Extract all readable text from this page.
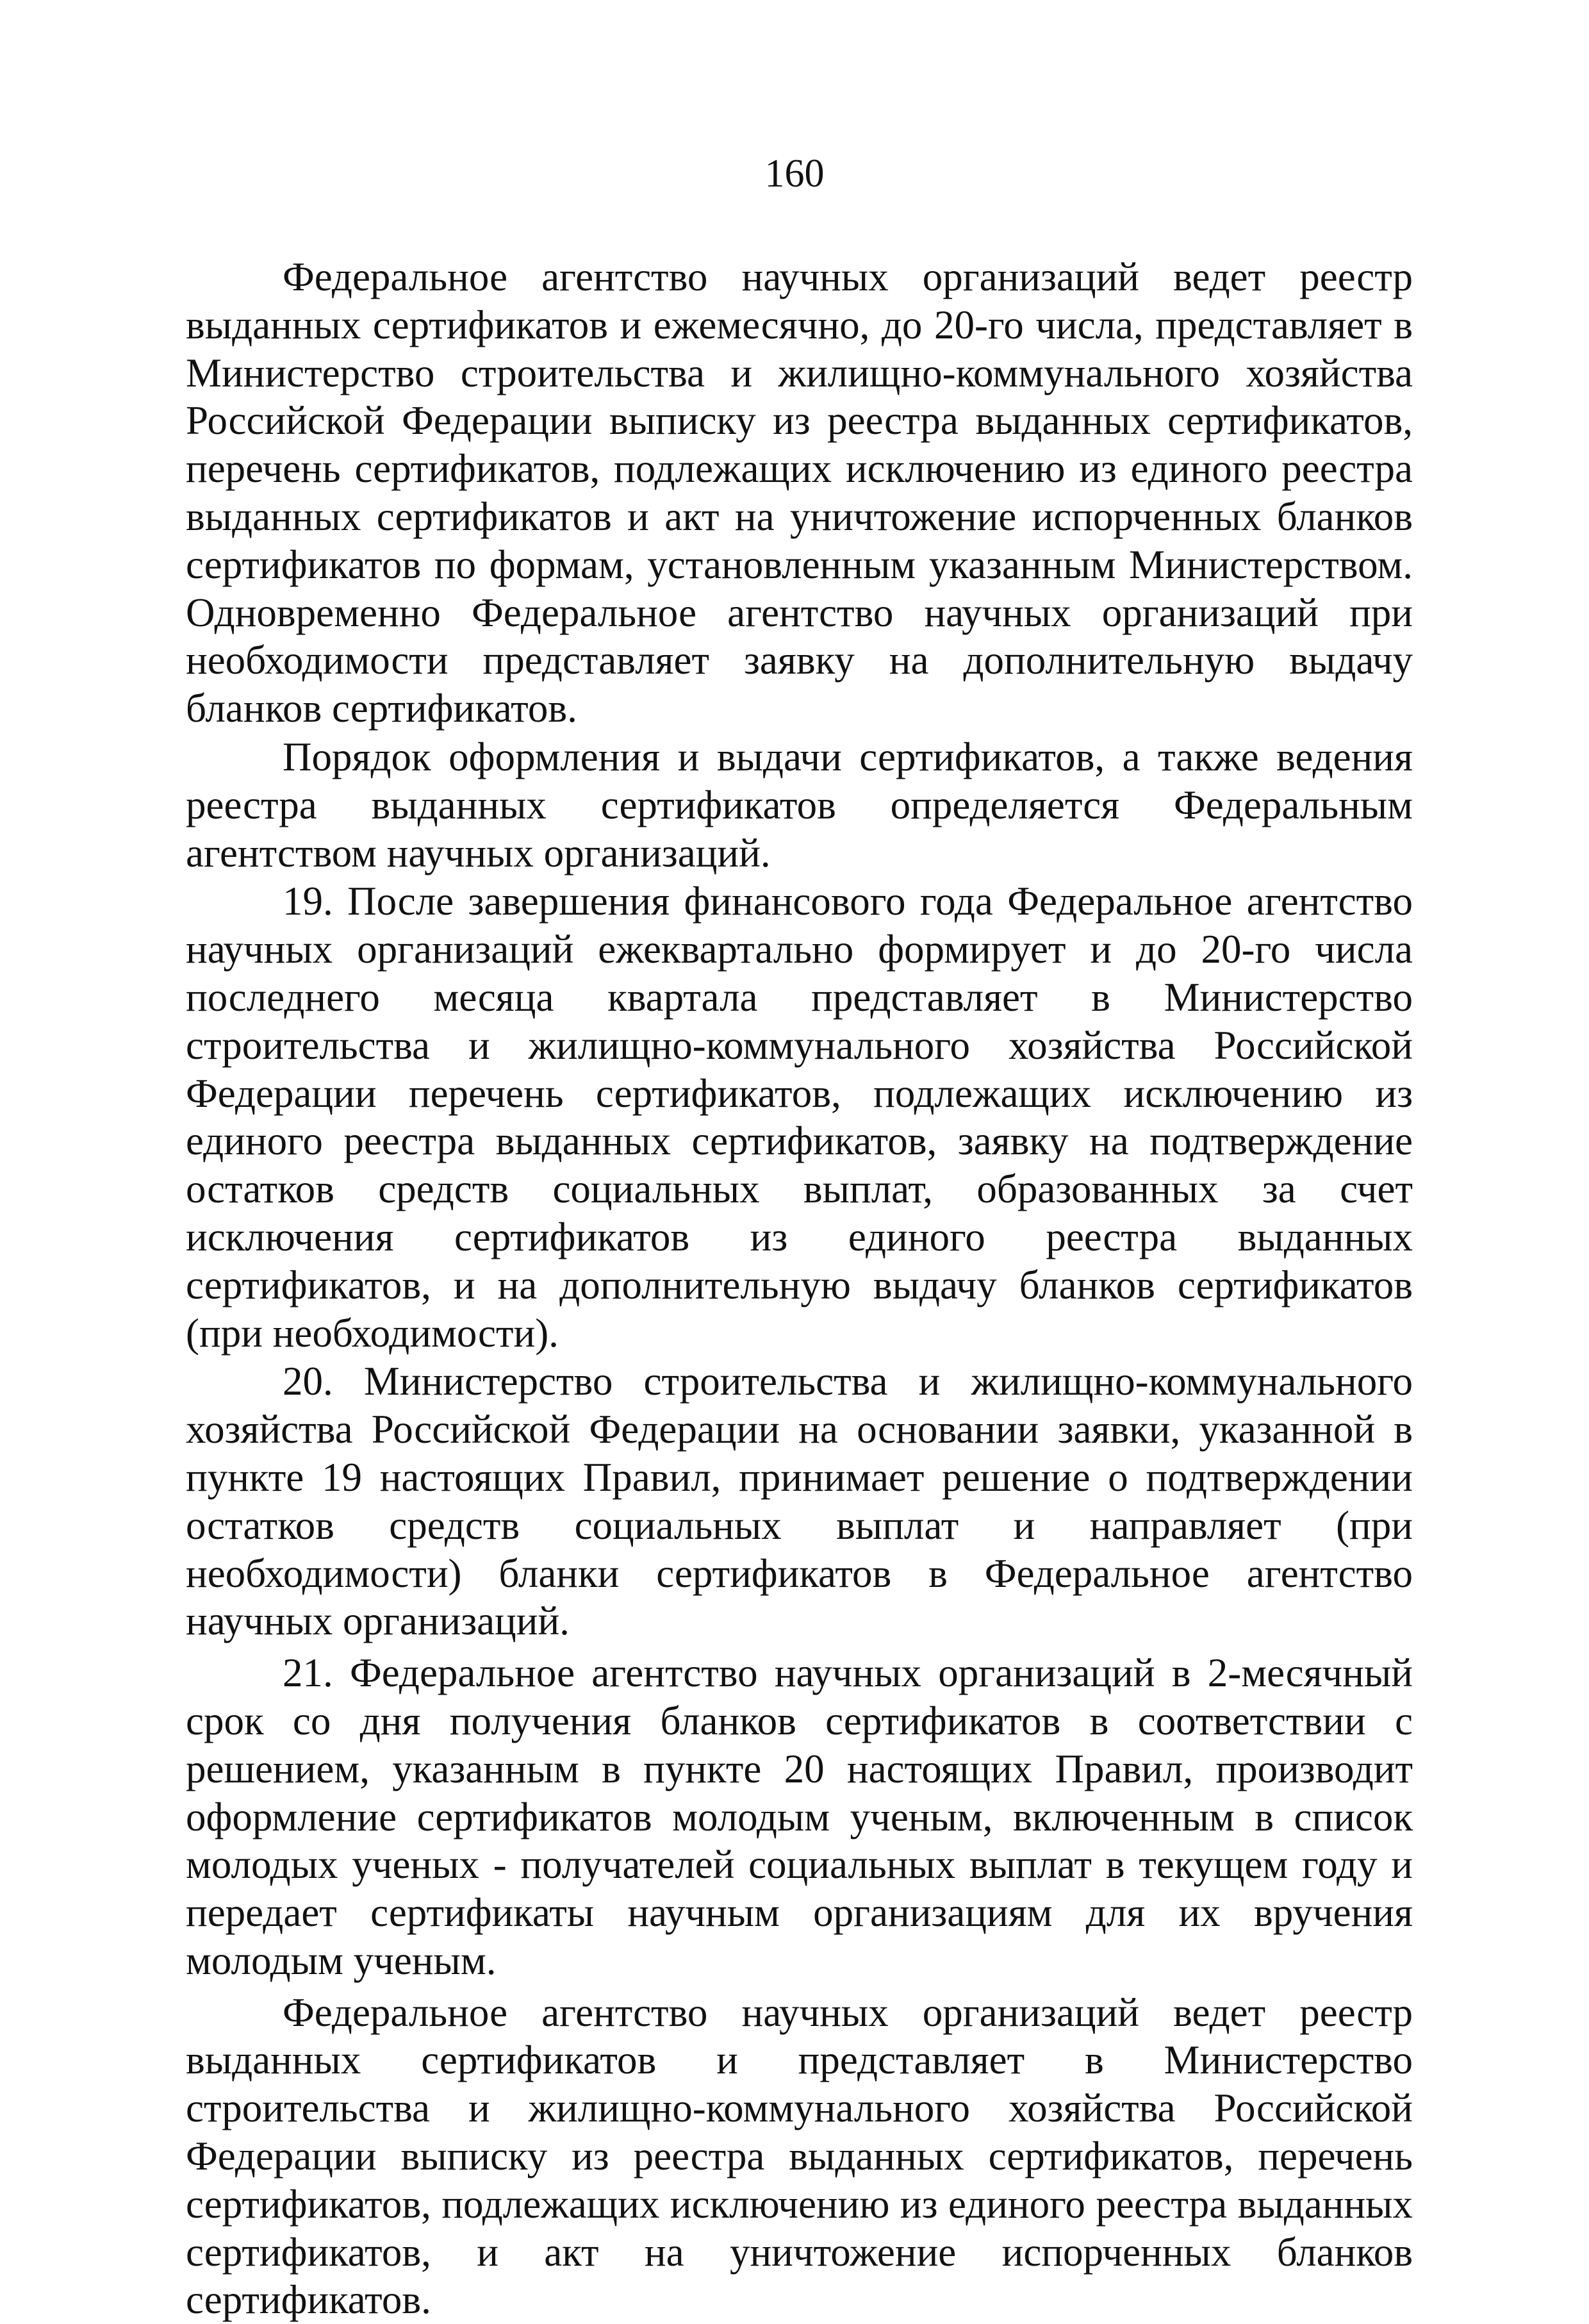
160

Федеральное агентство научных организаций ведет реестр выданных сертификатов и ежемесячно, до 20-го числа, представляет в Министерство строительства и жилищно-коммунального хозяйства Российской Федерации выписку из реестра выданных сертификатов, перечень сертификатов, подлежащих исключению из единого реестра выданных сертификатов и акт на уничтожение испорченных бланков сертификатов по формам, установленным указанным Министерством. Одновременно Федеральное агентство научных организаций при необходимости представляет заявку на дополнительную выдачу бланков сертификатов.

Порядок оформления и выдачи сертификатов, а также ведения реестра выданных сертификатов определяется Федеральным агентством научных организаций.

19. После завершения финансового года Федеральное агентство научных организаций ежеквартально формирует и до 20-го числа последнего месяца квартала представляет в Министерство строительства и жилищно-коммунального хозяйства Российской Федерации перечень сертификатов, подлежащих исключению из единого реестра выданных сертификатов, заявку на подтверждение остатков средств социальных выплат, образованных за счет исключения сертификатов из единого реестра выданных сертификатов, и на дополнительную выдачу бланков сертификатов (при необходимости).

20. Министерство строительства и жилищно-коммунального хозяйства Российской Федерации на основании заявки, указанной в пункте 19 настоящих Правил, принимает решение о подтверждении остатков средств социальных выплат и направляет (при необходимости) бланки сертификатов в Федеральное агентство научных организаций.

21. Федеральное агентство научных организаций в 2-месячный срок со дня получения бланков сертификатов в соответствии с решением, указанным в пункте 20 настоящих Правил, производит оформление сертификатов молодым ученым, включенным в список молодых ученых - получателей социальных выплат в текущем году и передает сертификаты научным организациям для их вручения молодым ученым.

Федеральное агентство научных организаций ведет реестр выданных сертификатов и представляет в Министерство строительства и жилищно-коммунального хозяйства Российской Федерации выписку из реестра выданных сертификатов, перечень сертификатов, подлежащих исключению из единого реестра выданных сертификатов, и акт на уничтожение испорченных бланков сертификатов.
